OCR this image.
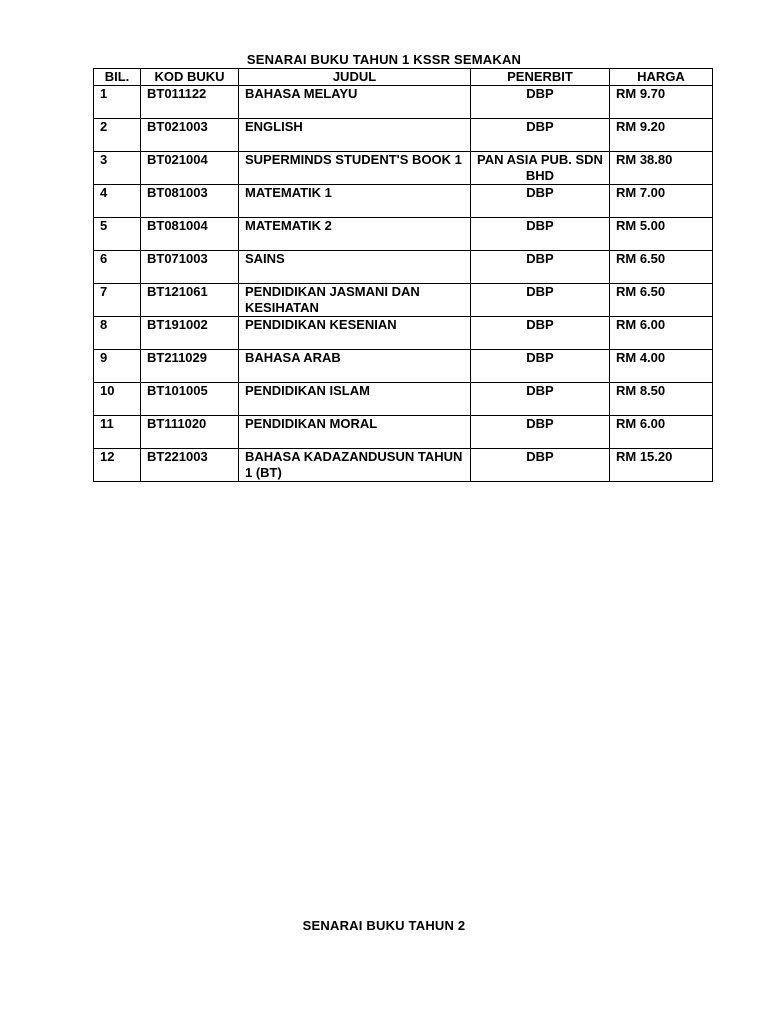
SENARAI BUKU TAHUN 1 KSSR SEMAKAN
BIL.	KOD BUKU	JUDUL	PENERBIT	HARGA
1	BT011122	BAHASA MELAYU	DBP	RM 9.70
2	BT021003	ENGLISH	DBP	RM 9.20
3	BT021004	SUPERMINDS STUDENT'S BOOK 1	PAN ASIA PUB. SDN BHD	RM 38.80
4	BT081003	MATEMATIK 1	DBP	RM 7.00
5	BT081004	MATEMATIK 2	DBP	RM 5.00
6	BT071003	SAINS	DBP	RM 6.50
7	BT121061	PENDIDIKAN JASMANI DAN KESIHATAN	DBP	RM 6.50
8	BT191002	PENDIDIKAN KESENIAN	DBP	RM 6.00
9	BT211029	BAHASA ARAB	DBP	RM 4.00
10	BT101005	PENDIDIKAN ISLAM	DBP	RM 8.50
11	BT111020	PENDIDIKAN MORAL	DBP	RM 6.00
12	BT221003	BAHASA KADAZANDUSUN TAHUN 1 (BT)	DBP	RM 15.20
SENARAI BUKU TAHUN 2
